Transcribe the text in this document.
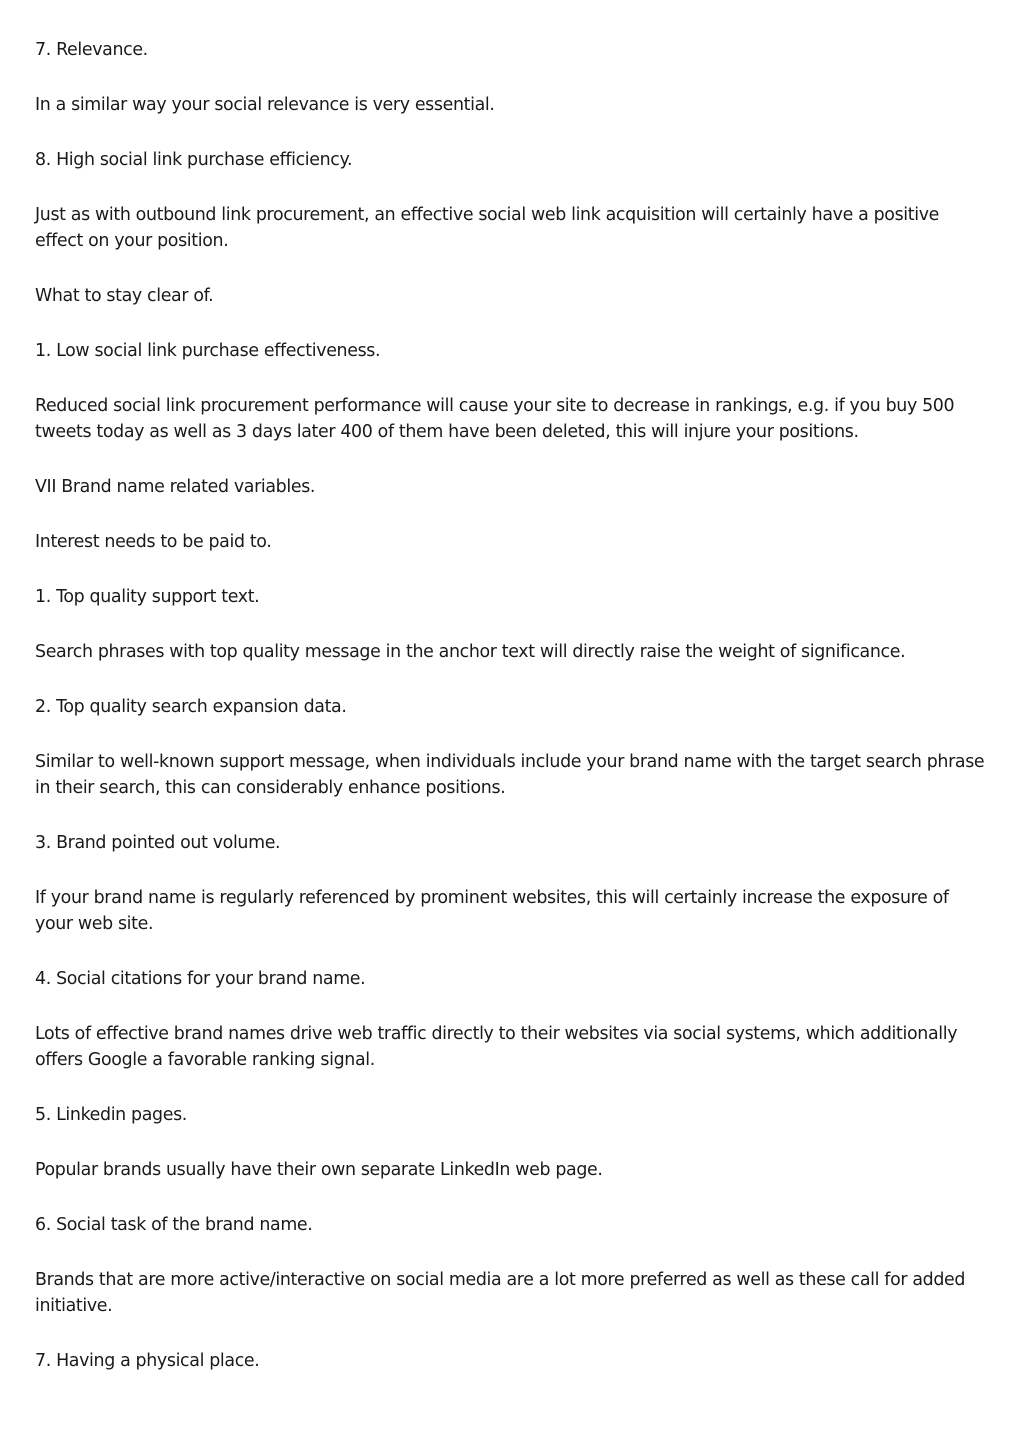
7. Relevance.

In a similar way your social relevance is very essential.

8. High social link purchase efficiency.

Just as with outbound link procurement, an effective social web link acquisition will certainly have a positive effect on your position.

What to stay clear of.

1. Low social link purchase effectiveness.

Reduced social link procurement performance will cause your site to decrease in rankings, e.g. if you buy 500 tweets today as well as 3 days later 400 of them have been deleted, this will injure your positions.

VII Brand name related variables.

Interest needs to be paid to.

1. Top quality support text.

Search phrases with top quality message in the anchor text will directly raise the weight of significance.

2. Top quality search expansion data.

Similar to well-known support message, when individuals include your brand name with the target search phrase in their search, this can considerably enhance positions.

3. Brand pointed out volume.

If your brand name is regularly referenced by prominent websites, this will certainly increase the exposure of your web site.

4. Social citations for your brand name.

Lots of effective brand names drive web traffic directly to their websites via social systems, which additionally offers Google a favorable ranking signal.

5. Linkedin pages.

Popular brands usually have their own separate LinkedIn web page.

6. Social task of the brand name.

Brands that are more active/interactive on social media are a lot more preferred as well as these call for added initiative.

7. Having a physical place.
